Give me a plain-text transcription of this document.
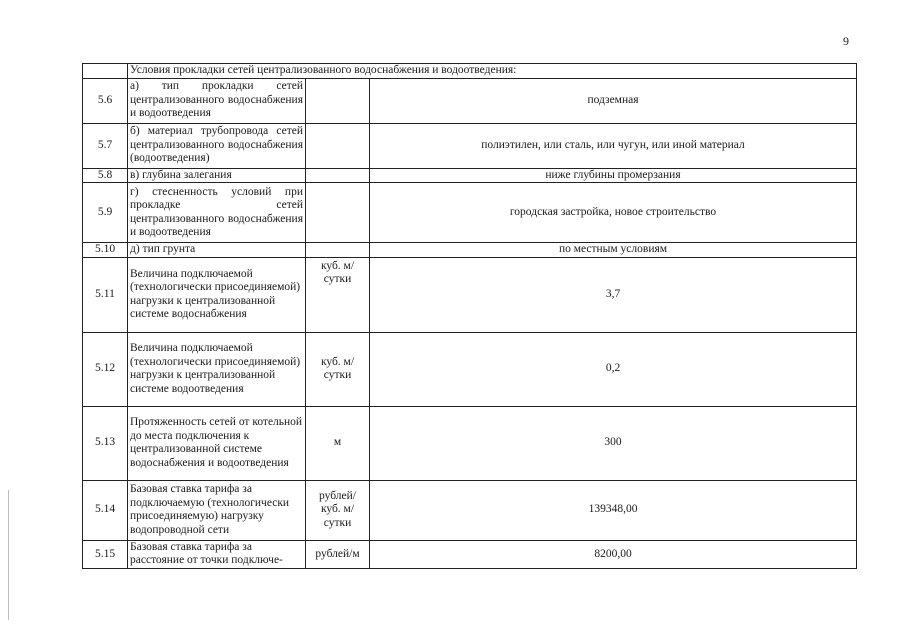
9
	Условия прокладки сетей централизованного водоснабжения и водоотведения:		
5.6	а) тип прокладки сетей централизованного водоснабжения и водоотведения		подземная
5.7	б) материал трубопровода сетей централизованного водоснабжения (водоотведения)		полиэтилен, или сталь, или чугун, или иной материал
5.8	в) глубина залегания		ниже глубины промерзания
5.9	г) стесненность условий при прокладке сетей централизованного водоснабжения и водоотведения		городская застройка, новое строительство
5.10	д) тип грунта		по местным условиям
5.11	Величина подключаемой (технологически присоединяемой) нагрузки к централизованной системе водоснабжения	куб. м/сутки	3,7
5.12	Величина подключаемой (технологически присоединяемой) нагрузки к централизованной системе водоотведения	куб. м/ сутки	0,2
5.13	Протяженность сетей от котельной до места подключения к централизованной системе водоснабжения и водоотведения	м	300
5.14	Базовая ставка тарифа за подключаемую (технологически присоединяемую) нагрузку водопроводной сети	рублей/ куб. м/сутки	139348,00
5.15	Базовая ставка тарифа за расстояние от точки подключе-	рублей/м	8200,00
